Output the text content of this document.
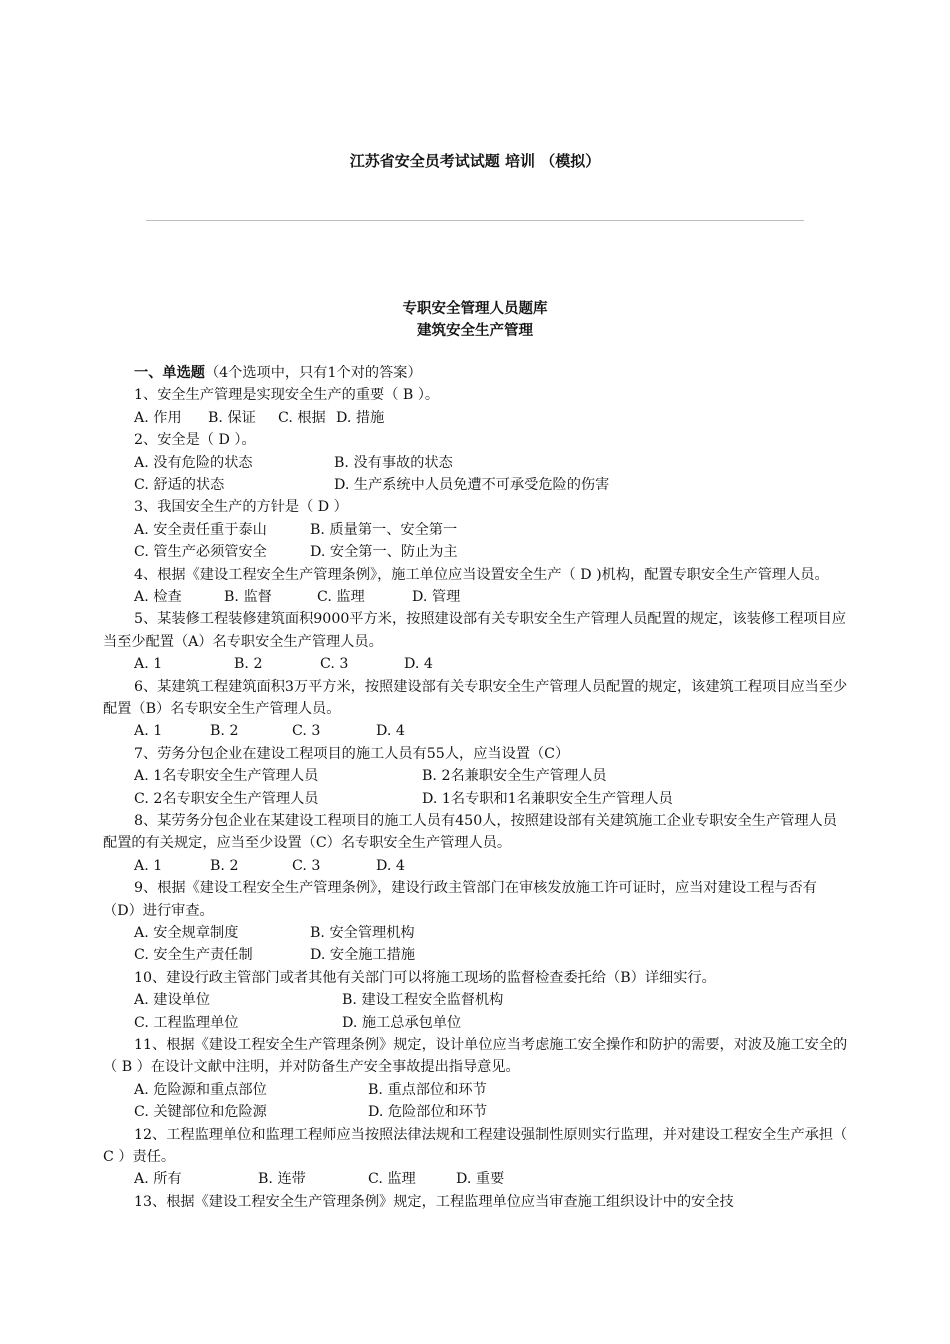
江苏省安全员考试试题 培训 （模拟）
专职安全管理人员题库
建筑安全生产管理

一、单选题（4个选项中，只有1个对的答案）

1、安全生产管理是实现安全生产的重要（ B ）。

A. 作用 B. 保证 C. 根据 D. 措施

2、安全是（ D ）。

A. 没有危险的状态	B. 没有事故的状态

C. 舒适的状态	D. 生产系统中人员免遭不可承受危险的伤害

3、我国安全生产的方针是（ D ）

A. 安全责任重于泰山	B. 质量第一、安全第一

C. 管生产必须管安全	D. 安全第一、防止为主

4、根据《建设工程安全生产管理条例》，施工单位应当设置安全生产（ D )机构，配置专职安全生产管理人员。

A. 检查	B. 监督	C. 监理	D. 管理

5、某装修工程装修建筑面积9000平方米，按照建设部有关专职安全生产管理人员配置的规定，该装修工程项目应当至少配置（A）名专职安全生产管理人员。

A. 1	B. 2	C. 3	D. 4

6、某建筑工程建筑面积3万平方米，按照建设部有关专职安全生产管理人员配置的规定，该建筑工程项目应当至少配置（B）名专职安全生产管理人员。

A. 1	B. 2	C. 3	D. 4

7、劳务分包企业在建设工程项目的施工人员有55人，应当设置（C）

A. 1名专职安全生产管理人员	B. 2名兼职安全生产管理人员

C. 2名专职安全生产管理人员	D. 1名专职和1名兼职安全生产管理人员

8、某劳务分包企业在某建设工程项目的施工人员有450人，按照建设部有关建筑施工企业专职安全生产管理人员配置的有关规定，应当至少设置（C）名专职安全生产管理人员。

A. 1	B. 2	C. 3	D. 4

9、根据《建设工程安全生产管理条例》，建设行政主管部门在审核发放施工许可证时，应当对建设工程与否有（D）进行审查。

A. 安全规章制度	B. 安全管理机构

C. 安全生产责任制	D. 安全施工措施

10、建设行政主管部门或者其他有关部门可以将施工现场的监督检查委托给（B）详细实行。

A. 建设单位	B. 建设工程安全监督机构

C. 工程监理单位	D. 施工总承包单位

11、根据《建设工程安全生产管理条例》规定，设计单位应当考虑施工安全操作和防护的需要，对波及施工安全的（ B ）在设计文献中注明，并对防备生产安全事故提出指导意见。

A. 危险源和重点部位	B. 重点部位和环节

C. 关键部位和危险源	D. 危险部位和环节

12、工程监理单位和监理工程师应当按照法律法规和工程建设强制性原则实行监理，并对建设工程安全生产承担（ C ）责任。

A. 所有	B. 连带	C. 监理	D. 重要

13、根据《建设工程安全生产管理条例》规定，工程监理单位应当审查施工组织设计中的安全技
